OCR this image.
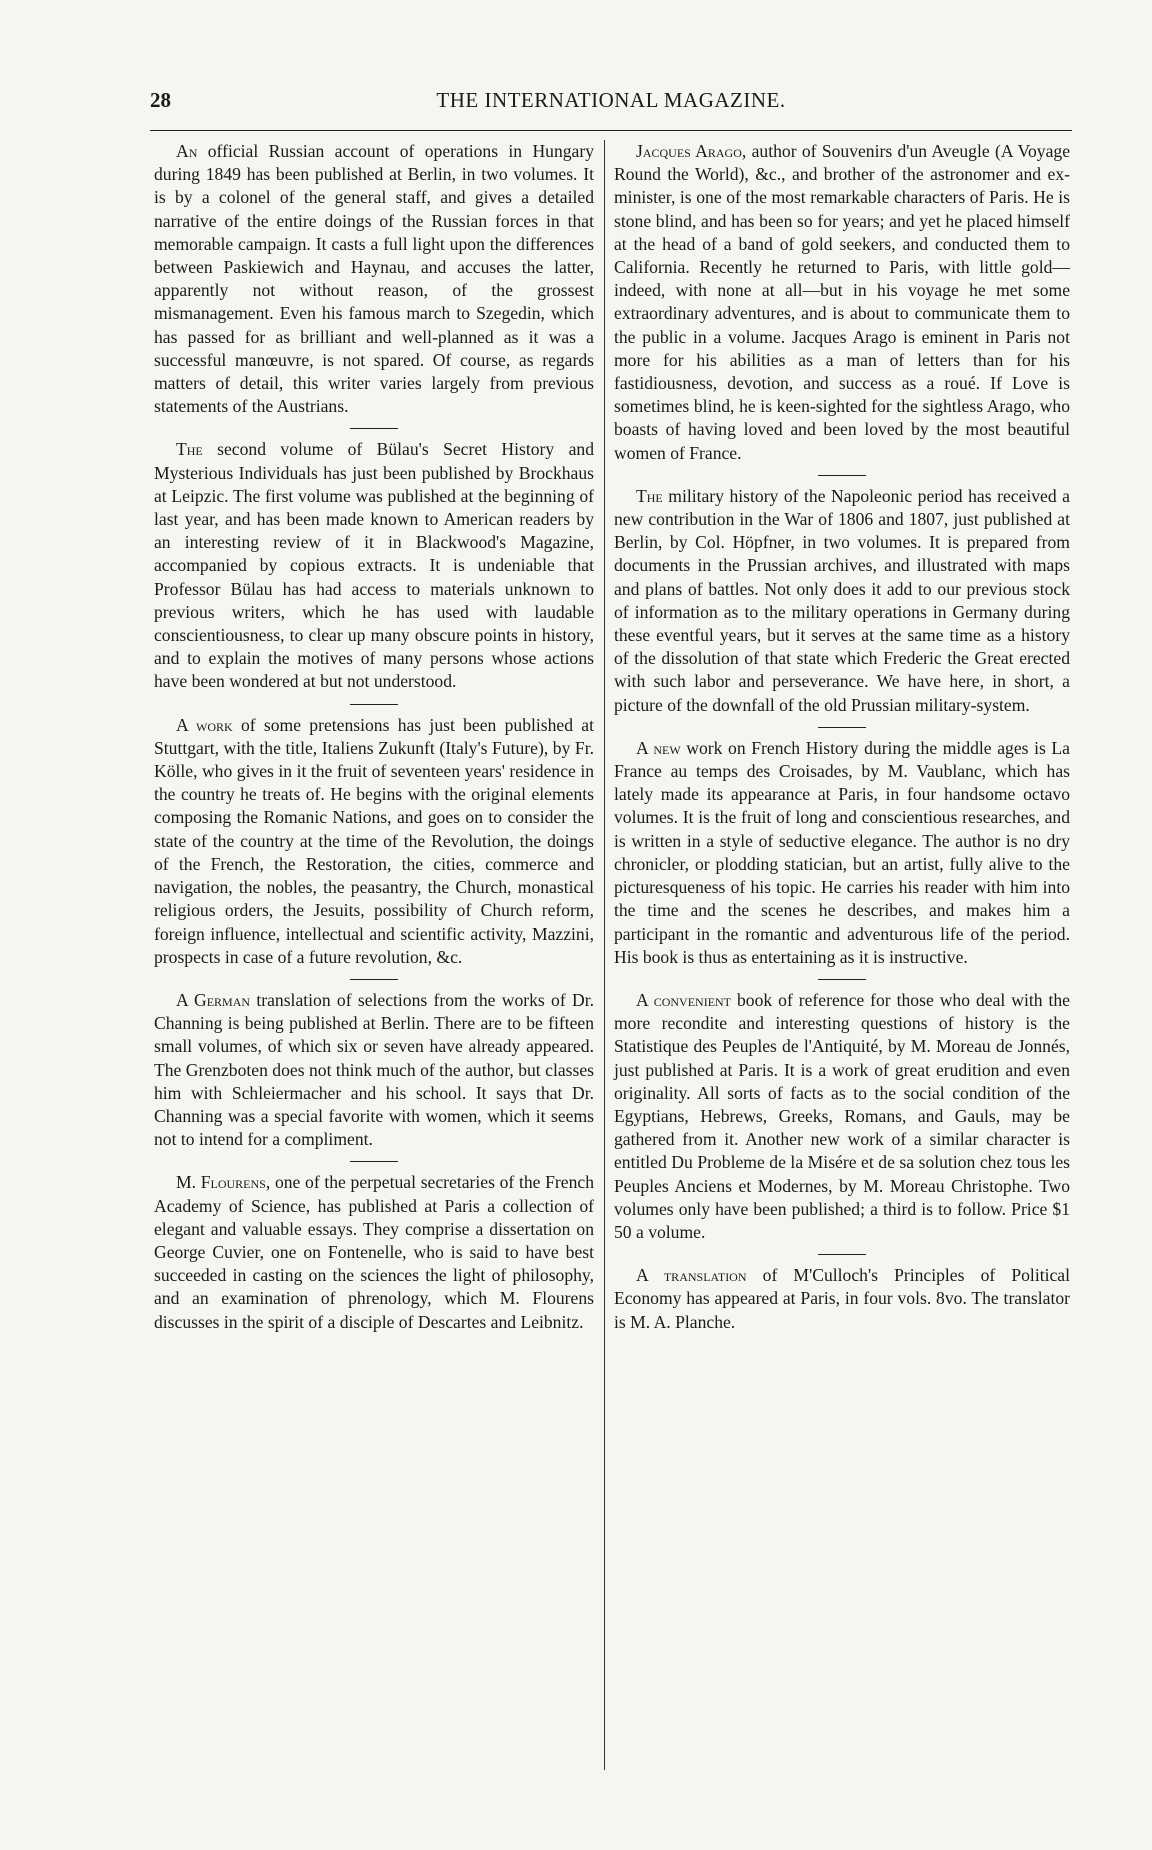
28	THE INTERNATIONAL MAGAZINE.

An official Russian account of operations in Hungary during 1849 has been published at Berlin, in two volumes. It is by a colonel of the general staff, and gives a detailed narrative of the entire doings of the Russian forces in that memorable campaign. It casts a full light upon the differences between Paskiewich and Haynau, and accuses the latter, apparently not without reason, of the grossest mismanagement. Even his famous march to Szegedin, which has passed for as brilliant and well-planned as it was a successful manœuvre, is not spared. Of course, as regards matters of detail, this writer varies largely from previous statements of the Austrians.

The second volume of Bülau's Secret History and Mysterious Individuals has just been published by Brockhaus at Leipzic. The first volume was published at the beginning of last year, and has been made known to American readers by an interesting review of it in Blackwood's Magazine, accompanied by copious extracts. It is undeniable that Professor Bülau has had access to materials unknown to previous writers, which he has used with laudable conscientiousness, to clear up many obscure points in history, and to explain the motives of many persons whose actions have been wondered at but not understood.

A work of some pretensions has just been published at Stuttgart, with the title, Italiens Zukunft (Italy's Future), by Fr. Kölle, who gives in it the fruit of seventeen years' residence in the country he treats of. He begins with the original elements composing the Romanic Nations, and goes on to consider the state of the country at the time of the Revolution, the doings of the French, the Restoration, the cities, commerce and navigation, the nobles, the peasantry, the Church, monastical religious orders, the Jesuits, possibility of Church reform, foreign influence, intellectual and scientific activity, Mazzini, prospects in case of a future revolution, &c.

A German translation of selections from the works of Dr. Channing is being published at Berlin. There are to be fifteen small volumes, of which six or seven have already appeared. The Grenzboten does not think much of the author, but classes him with Schleiermacher and his school. It says that Dr. Channing was a special favorite with women, which it seems not to intend for a compliment.

M. Flourens, one of the perpetual secretaries of the French Academy of Science, has published at Paris a collection of elegant and valuable essays. They comprise a dissertation on George Cuvier, one on Fontenelle, who is said to have best succeeded in casting on the sciences the light of philosophy, and an examination of phrenology, which M. Flourens discusses in the spirit of a disciple of Descartes and Leibnitz.

Jacques Arago, author of Souvenirs d'un Aveugle (A Voyage Round the World), &c., and brother of the astronomer and ex-minister, is one of the most remarkable characters of Paris. He is stone blind, and has been so for years; and yet he placed himself at the head of a band of gold seekers, and conducted them to California. Recently he returned to Paris, with little gold—indeed, with none at all—but in his voyage he met some extraordinary adventures, and is about to communicate them to the public in a volume. Jacques Arago is eminent in Paris not more for his abilities as a man of letters than for his fastidiousness, devotion, and success as a roué. If Love is sometimes blind, he is keen-sighted for the sightless Arago, who boasts of having loved and been loved by the most beautiful women of France.

The military history of the Napoleonic period has received a new contribution in the War of 1806 and 1807, just published at Berlin, by Col. Höpfner, in two volumes. It is prepared from documents in the Prussian archives, and illustrated with maps and plans of battles. Not only does it add to our previous stock of information as to the military operations in Germany during these eventful years, but it serves at the same time as a history of the dissolution of that state which Frederic the Great erected with such labor and perseverance. We have here, in short, a picture of the downfall of the old Prussian military-system.

A new work on French History during the middle ages is La France au temps des Croisades, by M. Vaublanc, which has lately made its appearance at Paris, in four handsome octavo volumes. It is the fruit of long and conscientious researches, and is written in a style of seductive elegance. The author is no dry chronicler, or plodding statician, but an artist, fully alive to the picturesqueness of his topic. He carries his reader with him into the time and the scenes he describes, and makes him a participant in the romantic and adventurous life of the period. His book is thus as entertaining as it is instructive.

A convenient book of reference for those who deal with the more recondite and interesting questions of history is the Statistique des Peuples de l'Antiquité, by M. Moreau de Jonnés, just published at Paris. It is a work of great erudition and even originality. All sorts of facts as to the social condition of the Egyptians, Hebrews, Greeks, Romans, and Gauls, may be gathered from it. Another new work of a similar character is entitled Du Probleme de la Misére et de sa solution chez tous les Peuples Anciens et Modernes, by M. Moreau Christophe. Two volumes only have been published; a third is to follow. Price $1 50 a volume.

A translation of M'Culloch's Principles of Political Economy has appeared at Paris, in four vols. 8vo. The translator is M. A. Planche.
